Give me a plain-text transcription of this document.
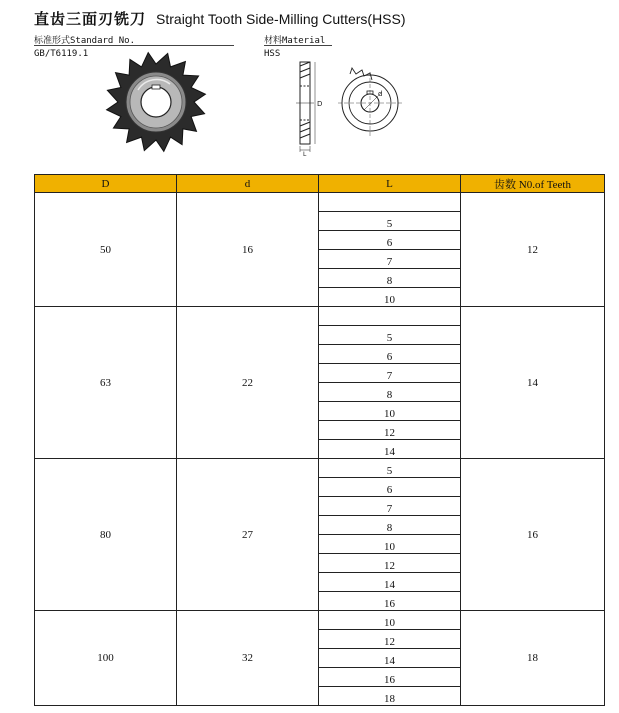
直齿三面刃铣刀 Straight Tooth Side-Milling Cutters(HSS)
标准形式Standard No.
GB/T6119.1
材料Material
HSS
D
L
d
D	d	L	齿数 N0.of Teeth
50	16		12
		5	
		6	
		7	
		8	
		10	
63	22		14
		5	
		6	
		7	
		8	
		10	
		12	
		14	
80	27	5	16
		6	
		7	
		8	
		10	
		12	
		14	
		16	
100	32	10	18
		12	
		14	
		16	
		18	
